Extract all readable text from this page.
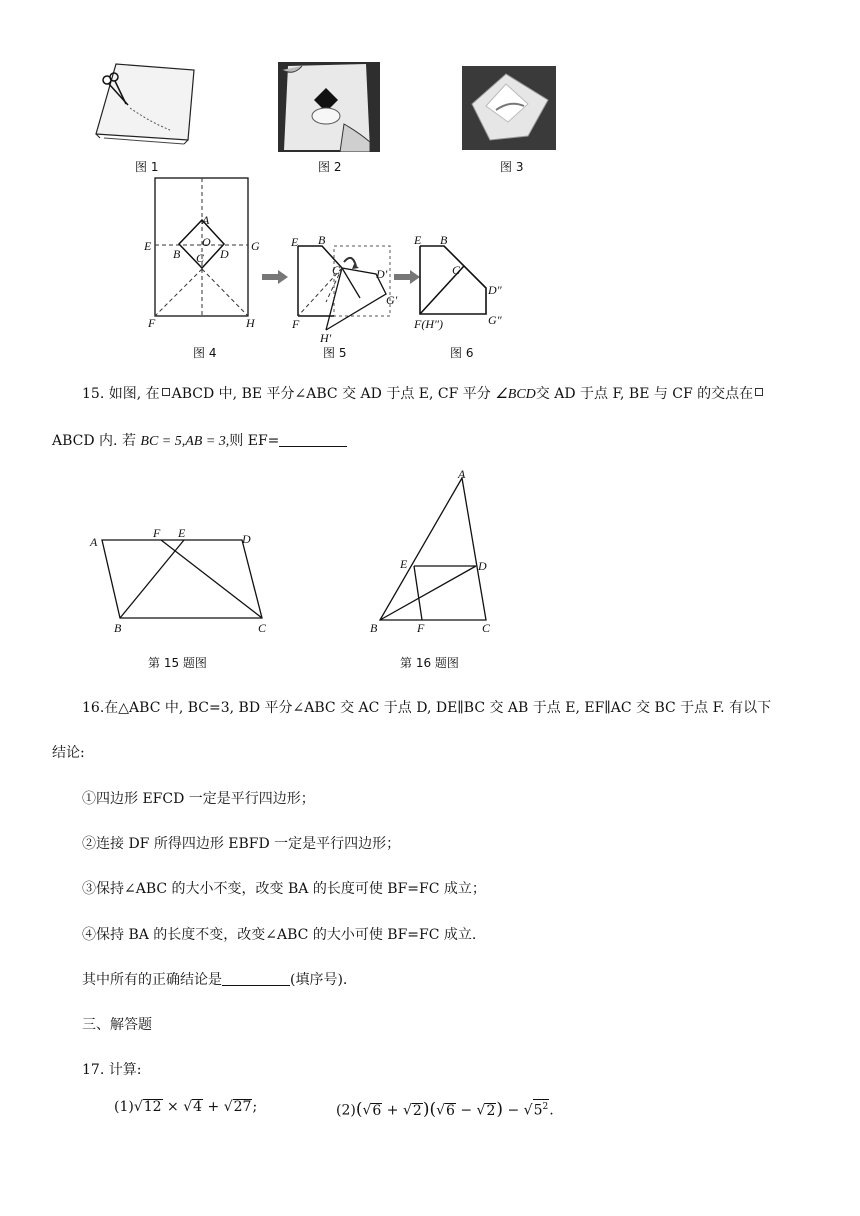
图 1	图 2	图 3
A
O
B C D
E	G
F	H
图 4
E B
C	D′
G′
F
H′
图 5
E B
C
D″
F(H″)	G″
图 6
15. 如图, 在 ABCD 中, BE 平分∠ABC 交 AD 于点 E, CF 平分 ∠BCD交 AD 于点 F, BE 与 CF 的交点在
ABCD 内. 若 BC = 5,AB = 3,则 EF=
A
F E	D
B	C
第 15 题图
A
E	D
B	F	C
第 16 题图
16.在△ABC 中, BC=3, BD 平分∠ABC 交 AC 于点 D, DE∥BC 交 AB 于点 E, EF∥AC 交 BC 于点 F. 有以下
结论:
①四边形 EFCD 一定是平行四边形；
②连接 DF 所得四边形 EBFD 一定是平行四边形；
③保持∠ABC 的大小不变，改变 BA 的长度可使 BF=FC 成立；
④保持 BA 的长度不变，改变∠ABC 的大小可使 BF=FC 成立.
其中所有的正确结论是	(填序号).
三、解答题
17. 计算:
(1)√12 × √4 + √27;	$(2)(√6 + √2)(√6 - √2) - √5^2$.
